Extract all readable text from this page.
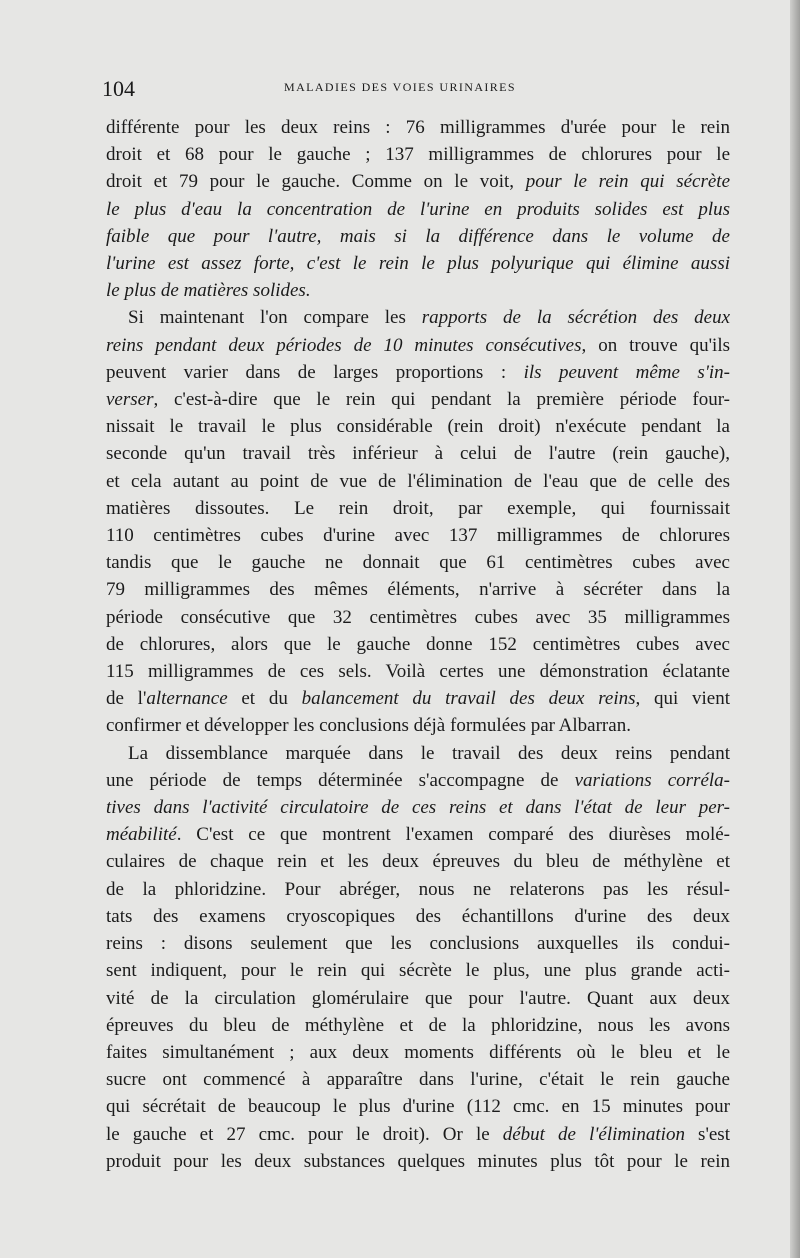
104	MALADIES DES VOIES URINAIRES
différente pour les deux reins : 76 milligrammes d'urée pour le rein
droit et 68 pour le gauche ; 137 milligrammes de chlorures pour le
droit et 79 pour le gauche. Comme on le voit, pour le rein qui sécrète
le plus d'eau la concentration de l'urine en produits solides est plus
faible que pour l'autre, mais si la différence dans le volume de
l'urine est assez forte, c'est le rein le plus polyurique qui élimine aussi
le plus de matières solides.
Si maintenant l'on compare les rapports de la sécrétion des deux
reins pendant deux périodes de 10 minutes consécutives, on trouve qu'ils
peuvent varier dans de larges proportions : ils peuvent même s'in-
verser, c'est-à-dire que le rein qui pendant la première période four-
nissait le travail le plus considérable (rein droit) n'exécute pendant la
seconde qu'un travail très inférieur à celui de l'autre (rein gauche),
et cela autant au point de vue de l'élimination de l'eau que de celle des
matières dissoutes. Le rein droit, par exemple, qui fournissait
110 centimètres cubes d'urine avec 137 milligrammes de chlorures
tandis que le gauche ne donnait que 61 centimètres cubes avec
79 milligrammes des mêmes éléments, n'arrive à sécréter dans la
période consécutive que 32 centimètres cubes avec 35 milligrammes
de chlorures, alors que le gauche donne 152 centimètres cubes avec
115 milligrammes de ces sels. Voilà certes une démonstration éclatante
de l'alternance et du balancement du travail des deux reins, qui vient
confirmer et développer les conclusions déjà formulées par Albarran.
La dissemblance marquée dans le travail des deux reins pendant
une période de temps déterminée s'accompagne de variations corréla-
tives dans l'activité circulatoire de ces reins et dans l'état de leur per-
méabilité. C'est ce que montrent l'examen comparé des diurèses molé-
culaires de chaque rein et les deux épreuves du bleu de méthylène et
de la phloridzine. Pour abréger, nous ne relaterons pas les résul-
tats des examens cryoscopiques des échantillons d'urine des deux
reins : disons seulement que les conclusions auxquelles ils condui-
sent indiquent, pour le rein qui sécrète le plus, une plus grande acti-
vité de la circulation glomérulaire que pour l'autre. Quant aux deux
épreuves du bleu de méthylène et de la phloridzine, nous les avons
faites simultanément ; aux deux moments différents où le bleu et le
sucre ont commencé à apparaître dans l'urine, c'était le rein gauche
qui sécrétait de beaucoup le plus d'urine (112 cmc. en 15 minutes pour
le gauche et 27 cmc. pour le droit). Or le début de l'élimination s'est
produit pour les deux substances quelques minutes plus tôt pour le rein
